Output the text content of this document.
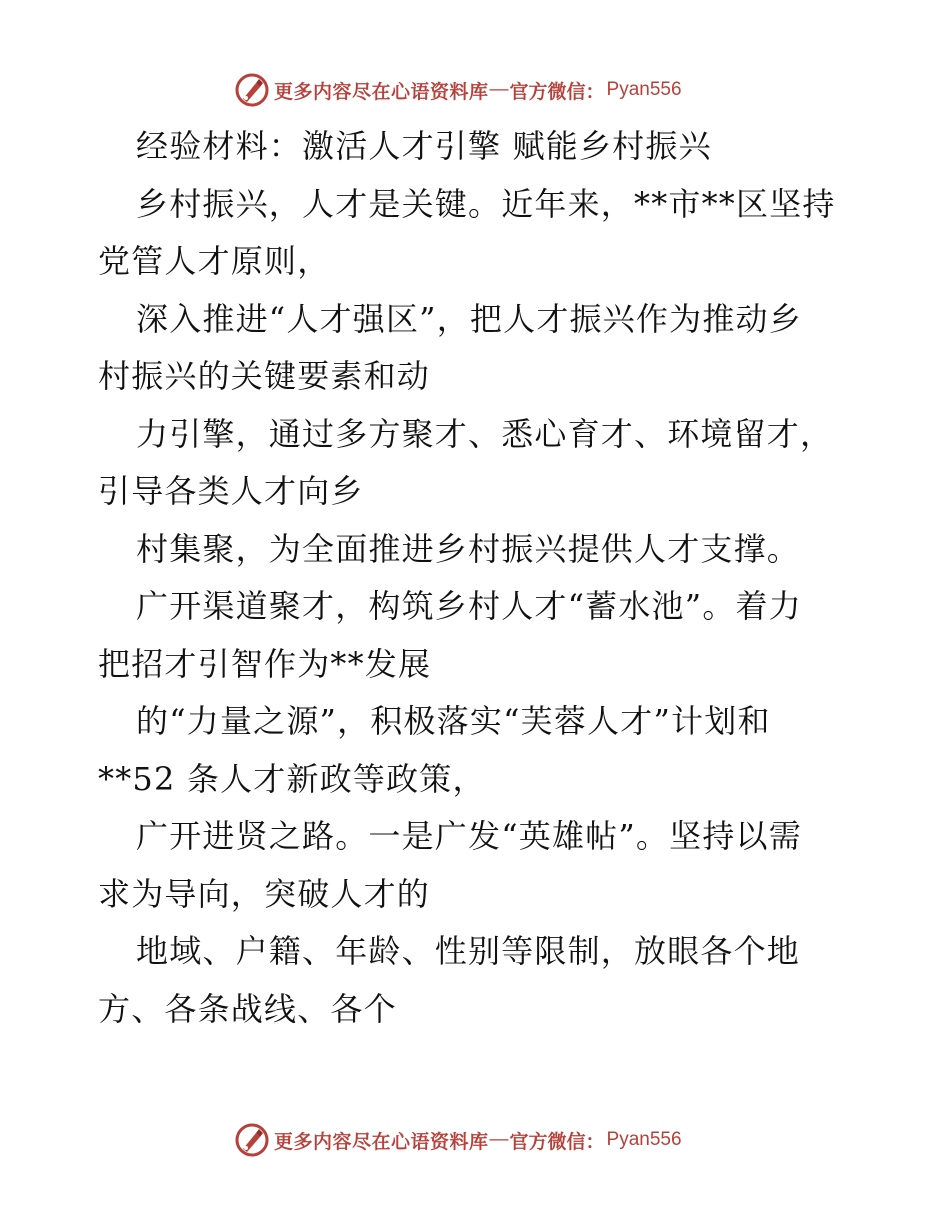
更多内容尽在心语资料库 — 官方微信： Pyan556
经验材料：激活人才引擎 赋能乡村振兴
乡村振兴，人才是关键。近年来，**市**区坚持
党管人才原则，
深入推进“人才强区”，把人才振兴作为推动乡
村振兴的关键要素和动
力引擎，通过多方聚才、悉心育才、环境留才，
引导各类人才向乡
村集聚，为全面推进乡村振兴提供人才支撑。
广开渠道聚才，构筑乡村人才“蓄水池”。着力
把招才引智作为**发展
的“力量之源”，积极落实“芙蓉人才”计划和
**52 条人才新政等政策，
广开进贤之路。一是广发“英雄帖”。坚持以需
求为导向，突破人才的
地域、户籍、年龄、性别等限制，放眼各个地
方、各条战线、各个
更多内容尽在心语资料库 — 官方微信： Pyan556
